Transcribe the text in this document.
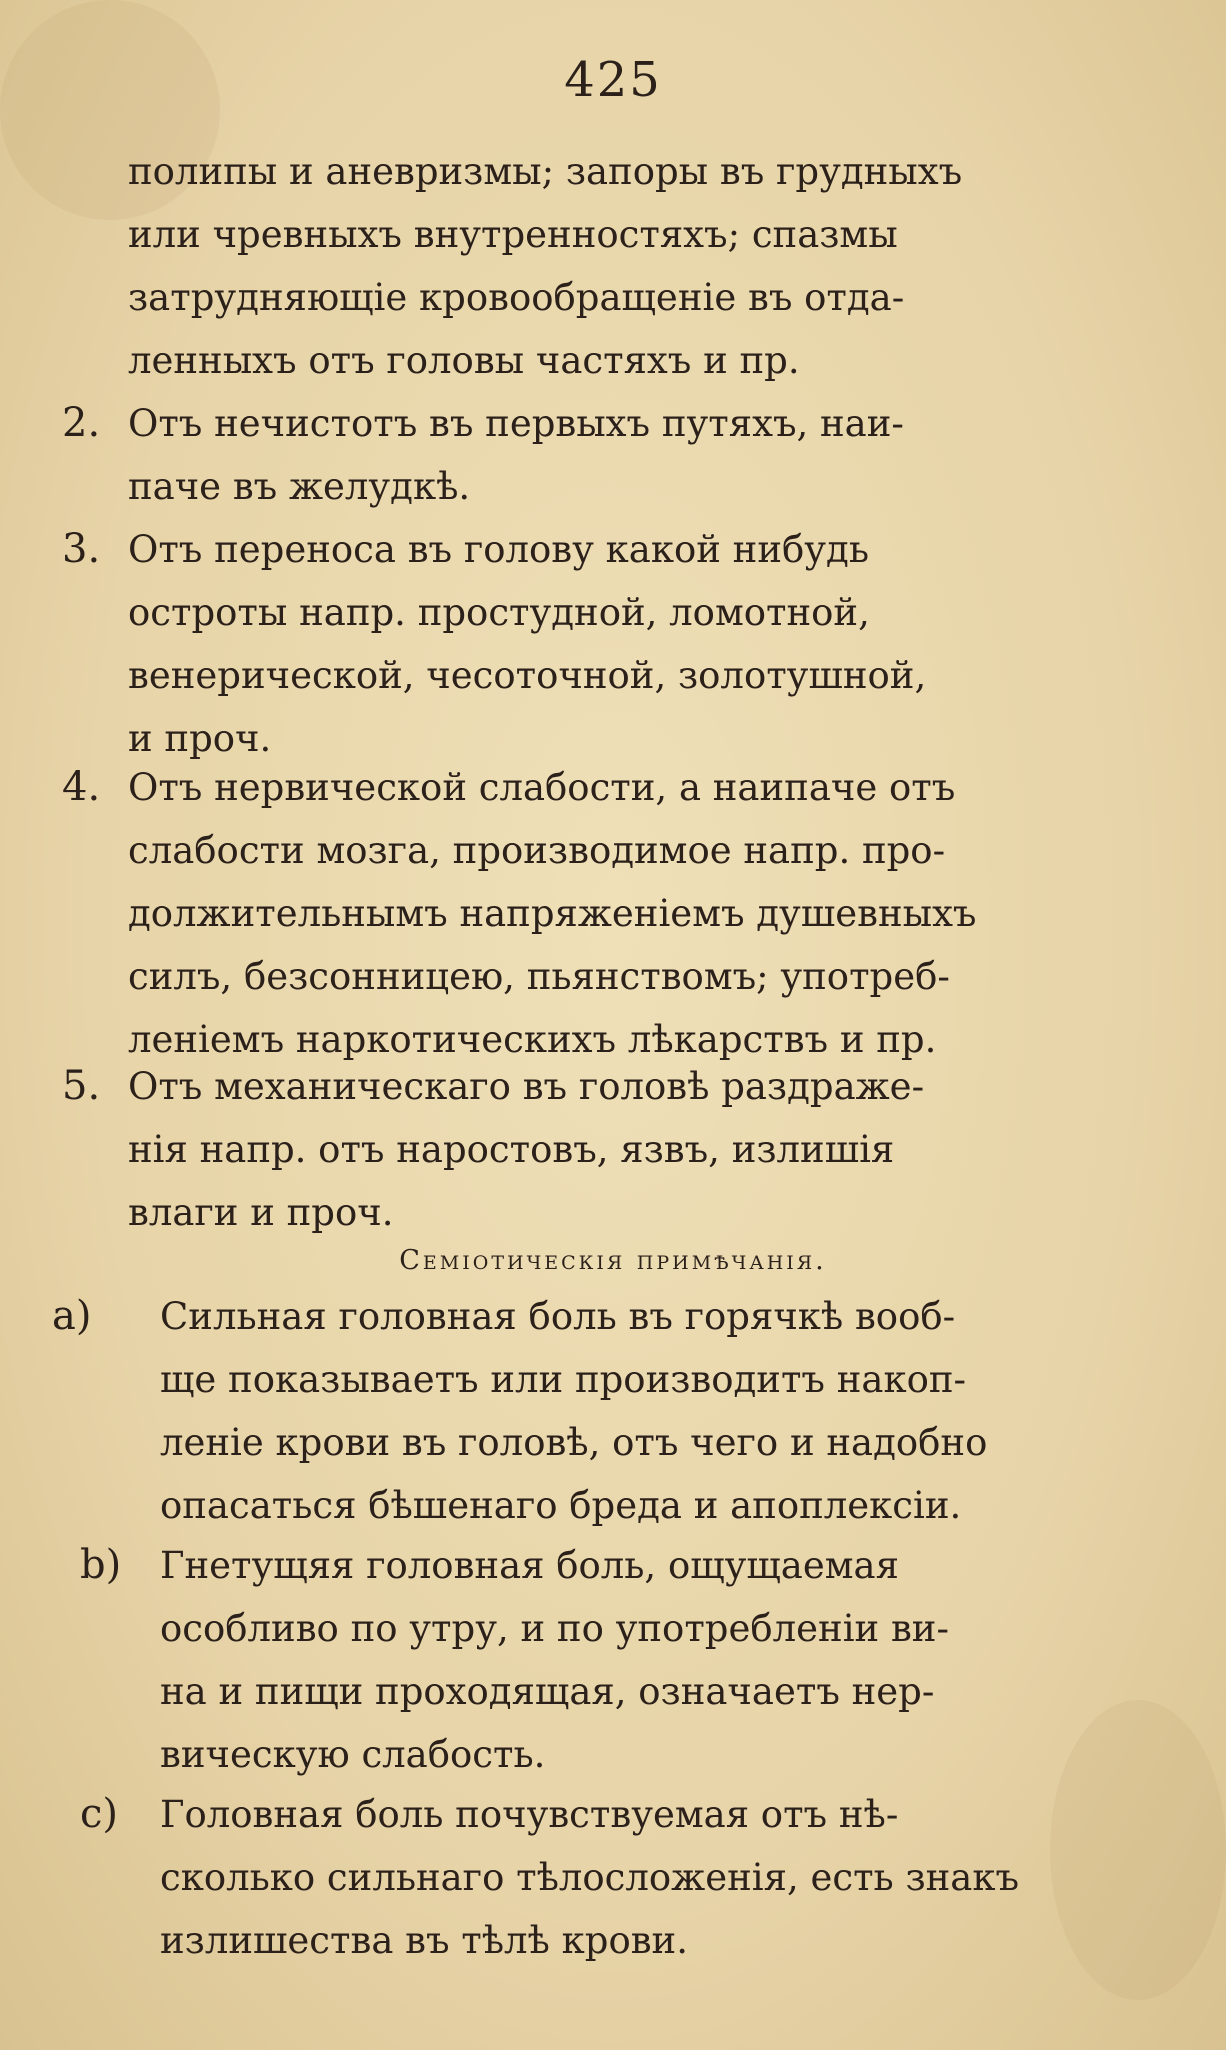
425
полипы и аневризмы; запоры въ грудныхъ
или чревныхъ внутренностяхъ; спазмы
затрудняющіе кровообращеніе въ отда-
ленныхъ отъ головы частяхъ и пр.
2. Отъ нечистотъ въ первыхъ путяхъ, наи-
паче въ желудкѣ.
3. Отъ переноса въ голову какой нибудь
остроты напр. простудной, ломотной,
венерической, чесоточной, золотушной,
и проч.
4. Отъ нервической слабости, а наипаче отъ
слабости мозга, производимое напр. про-
должительнымъ напряженіемъ душевныхъ
силъ, безсонницею, пьянствомъ; употреб-
леніемъ наркотическихъ лѣкарствъ и пр.
5. Отъ механическаго въ головѣ раздраже-
нія напр. отъ наростовъ, язвъ, излишія
влаги и проч.
Семіотическія примѣчанія.
a) Сильная головная боль въ горячкѣ вооб-
ще показываетъ или производитъ накоп-
леніе крови въ головѣ, отъ чего и надобно
опасаться бѣшенаго бреда и апоплексіи.
b) Гнетущяя головная боль, ощущаемая
особливо по утру, и по употребленіи ви-
на и пищи проходящая, означаетъ нер-
вическую слабость.
c) Головная боль почувствуемая отъ нѣ-
сколько сильнаго тѣлосложенія, есть знакъ
излишества въ тѣлѣ крови.
